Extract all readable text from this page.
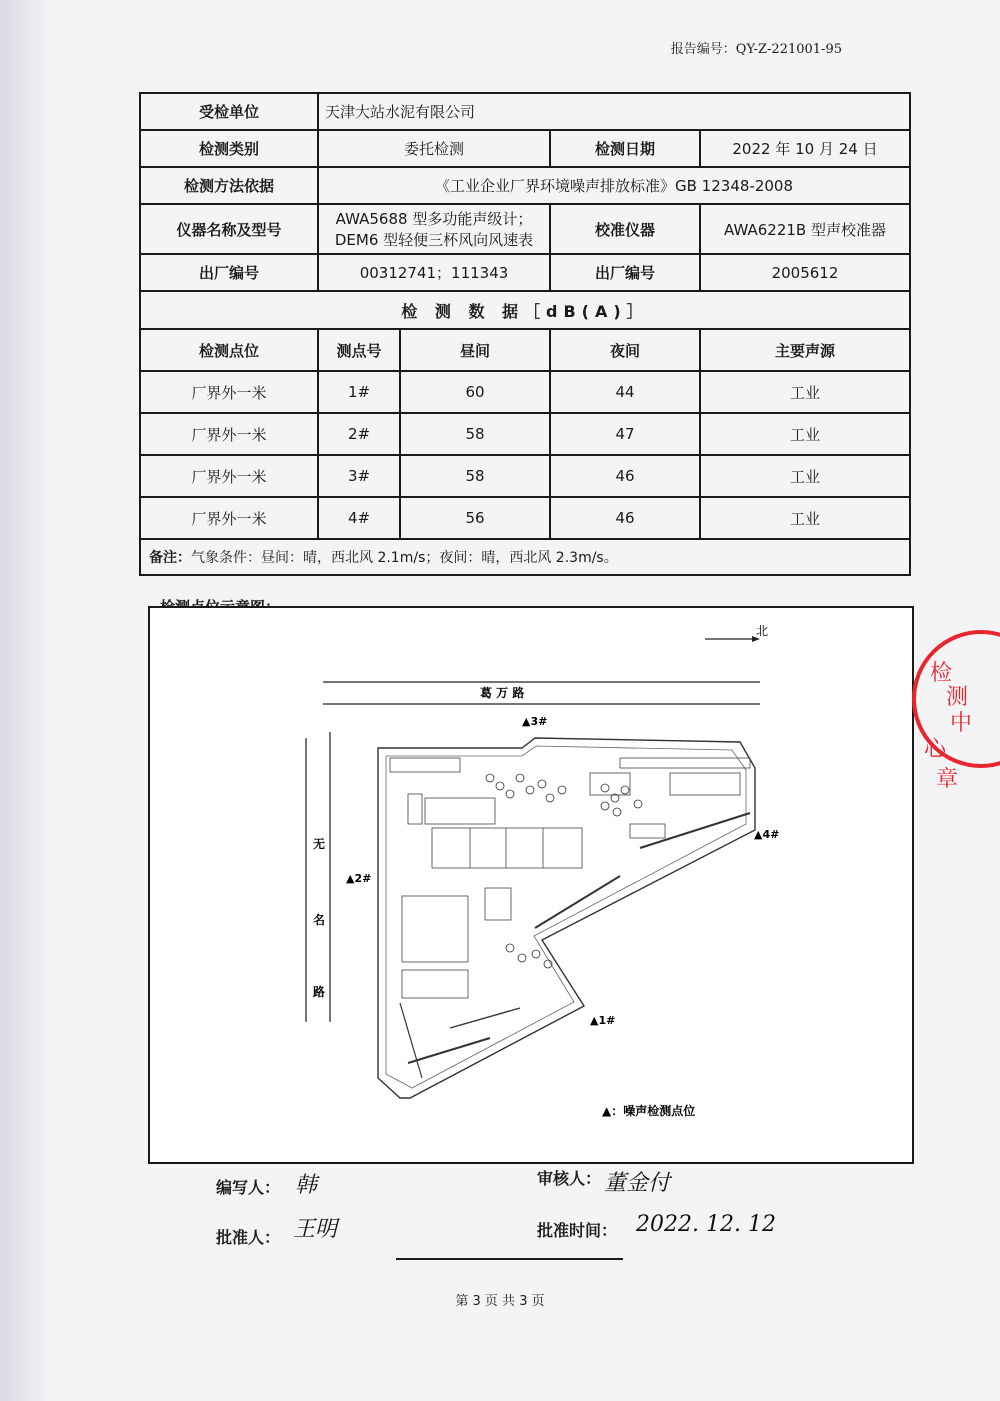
报告编号：QY-Z-221001-95
受检单位	天津大站水泥有限公司			
检测类别	委托检测		检测日期	2022 年 10 月 24 日
检测方法依据	《工业企业厂界环境噪声排放标准》GB 12348-2008			
仪器名称及型号	AWA5688 型多功能声级计；
DEM6 型轻便三杯风向风速表		校准仪器	AWA6221B 型声校准器
出厂编号	00312741；111343		出厂编号	2005612
检 测 数 据［dB(A)］				
检测点位	测点号	昼间	夜间	主要声源
厂界外一米	1#	60	44	工业
厂界外一米	2#	58	47	工业
厂界外一米	3#	58	46	工业
厂界外一米	4#	56	46	工业
备注：气象条件：昼间：晴，西北风 2.1m/s；夜间：晴，西北风 2.3m/s。				
北
葛 万 路
无
名
路
▲3#
▲2#
▲1#
▲4#
▲：噪声检测点位
编写人： 韩	审核人： 董金付
批准人： 王明	批准时间： 2022. 12. 12
第 3 页 共 3 页
检
测
中
心
章
